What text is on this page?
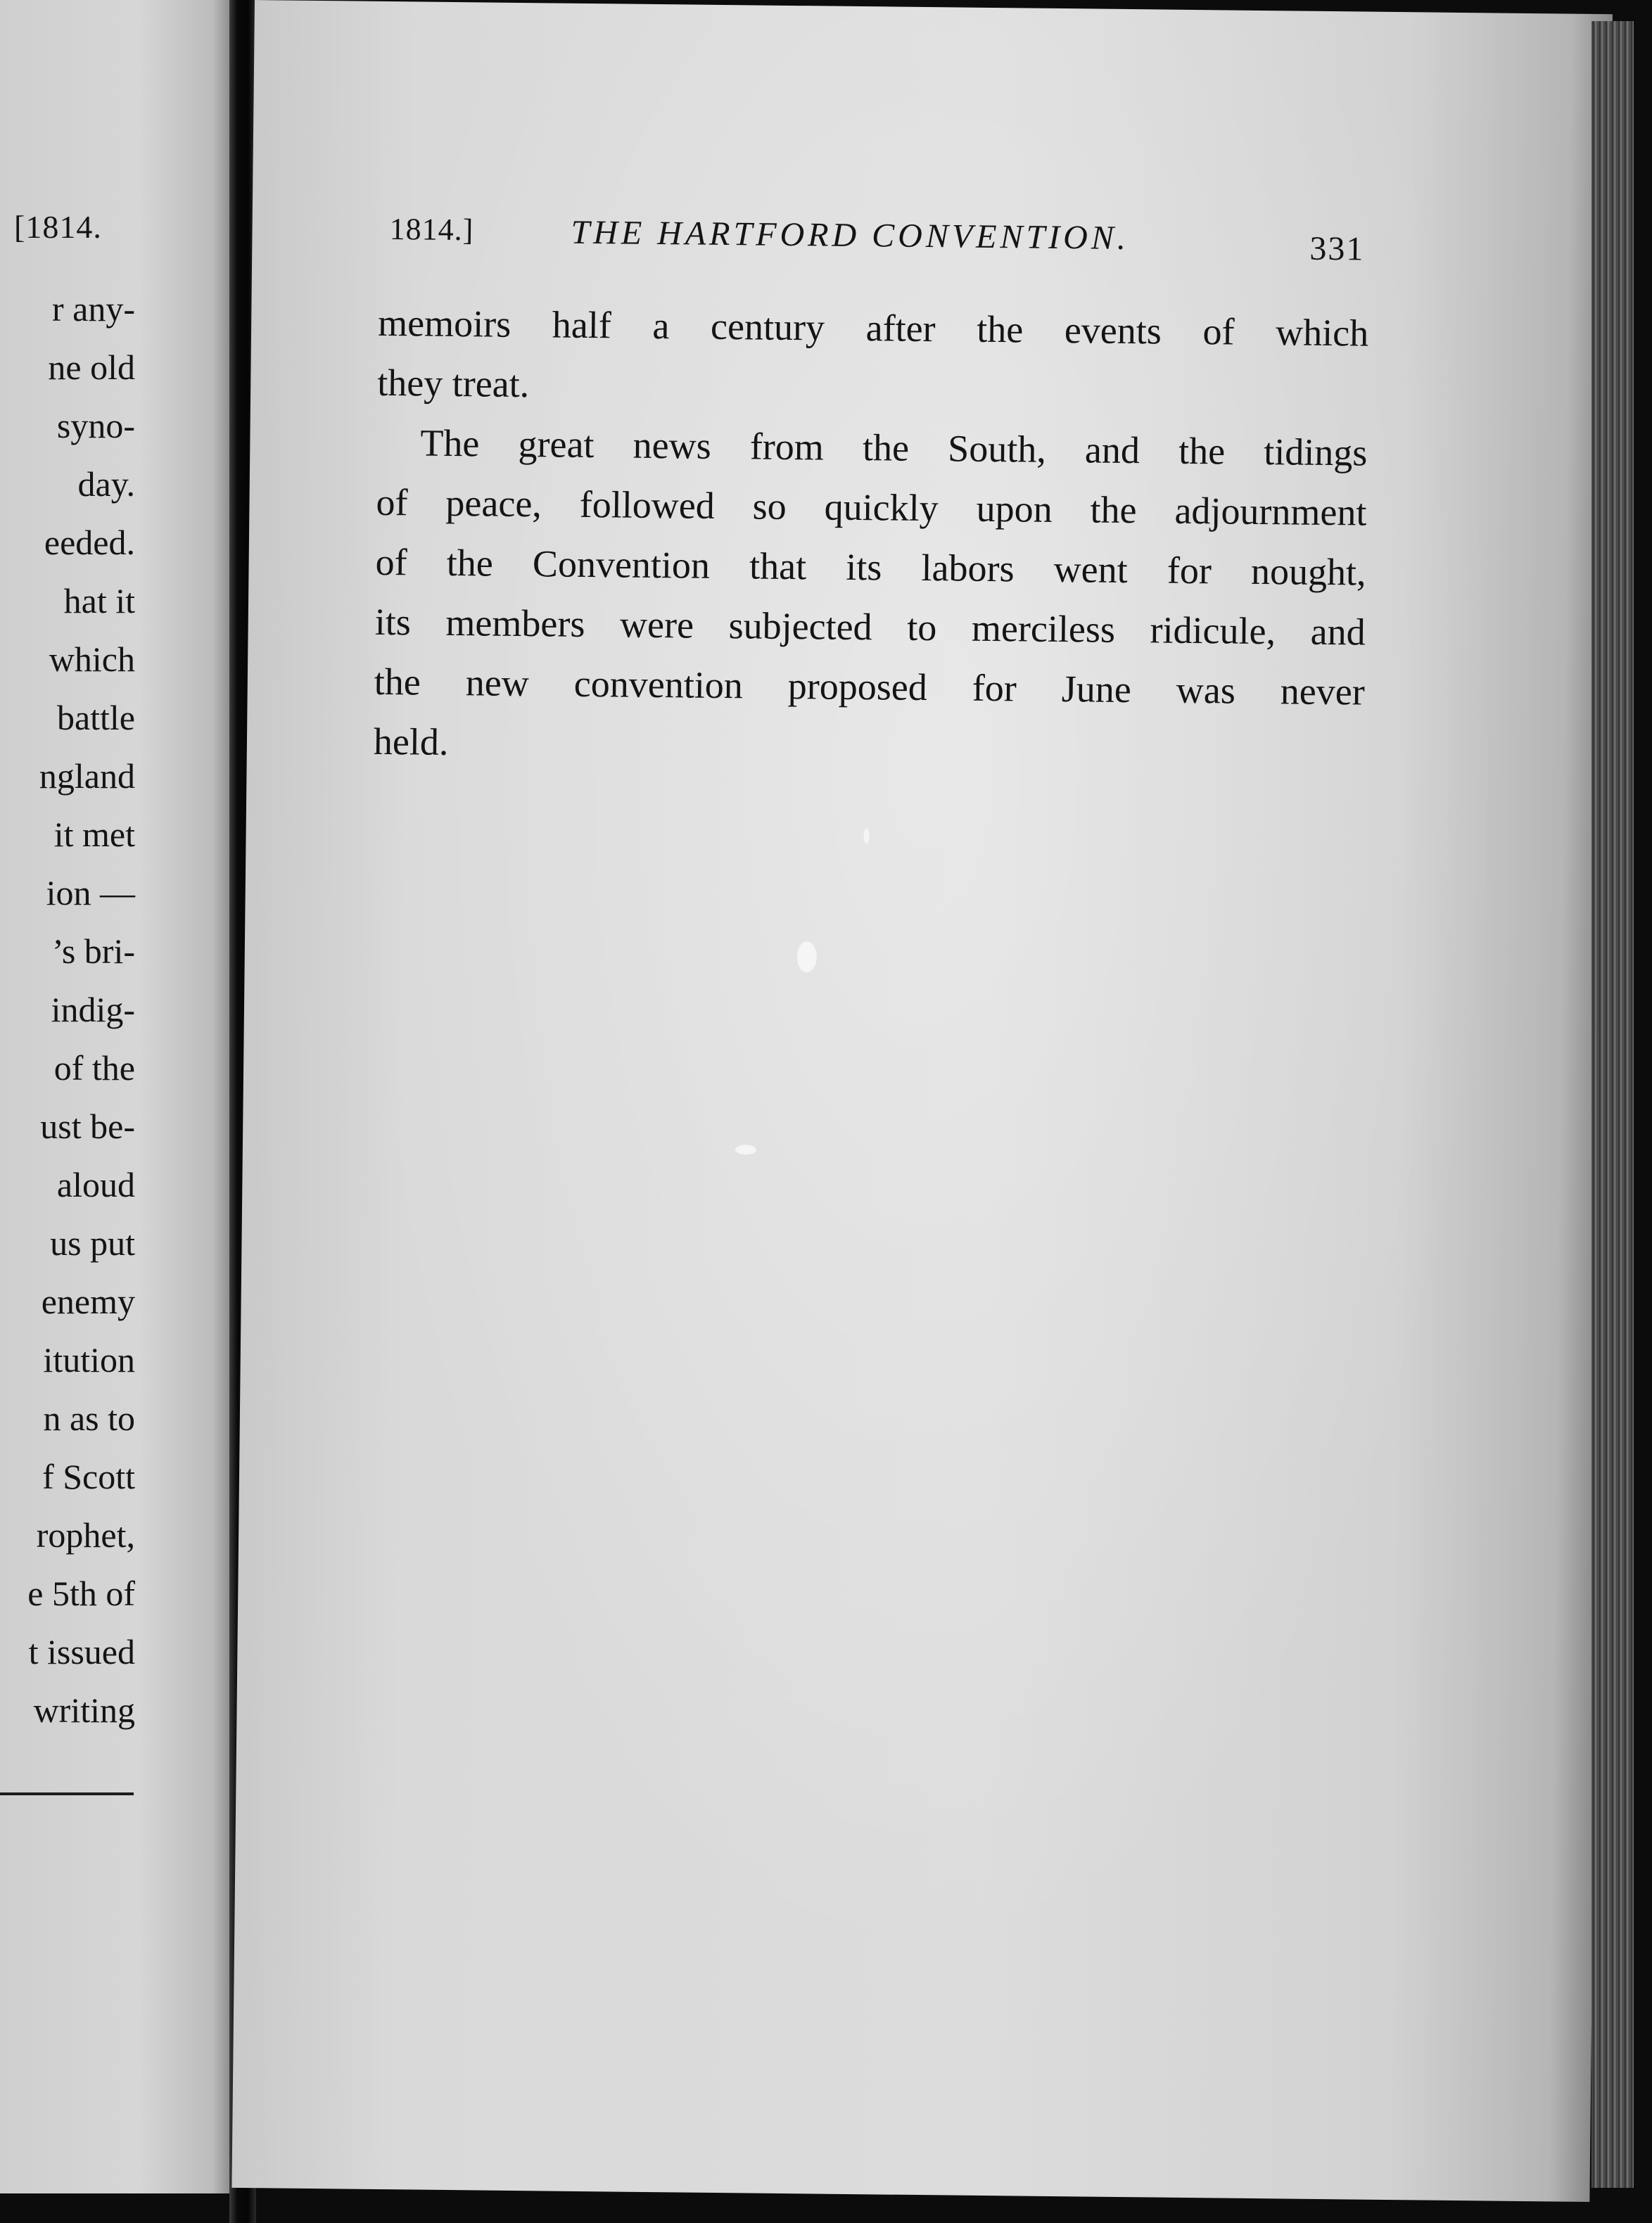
[1814.
r any-
ne old
syno-
day.
eeded.
hat it
which
battle
ngland
it met
ion —
’s bri-
indig-
of the
ust be-
aloud
us put
enemy
itution
n as to
f Scott
rophet,
e 5th of
t issued
writing
1814.]	THE HARTFORD CONVENTION.	331
memoirs half a century after the events of which
they treat.
The great news from the South, and the tidings
of peace, followed so quickly upon the adjournment
of the Convention that its labors went for nought,
its members were subjected to merciless ridicule, and
the new convention proposed for June was never
held.
